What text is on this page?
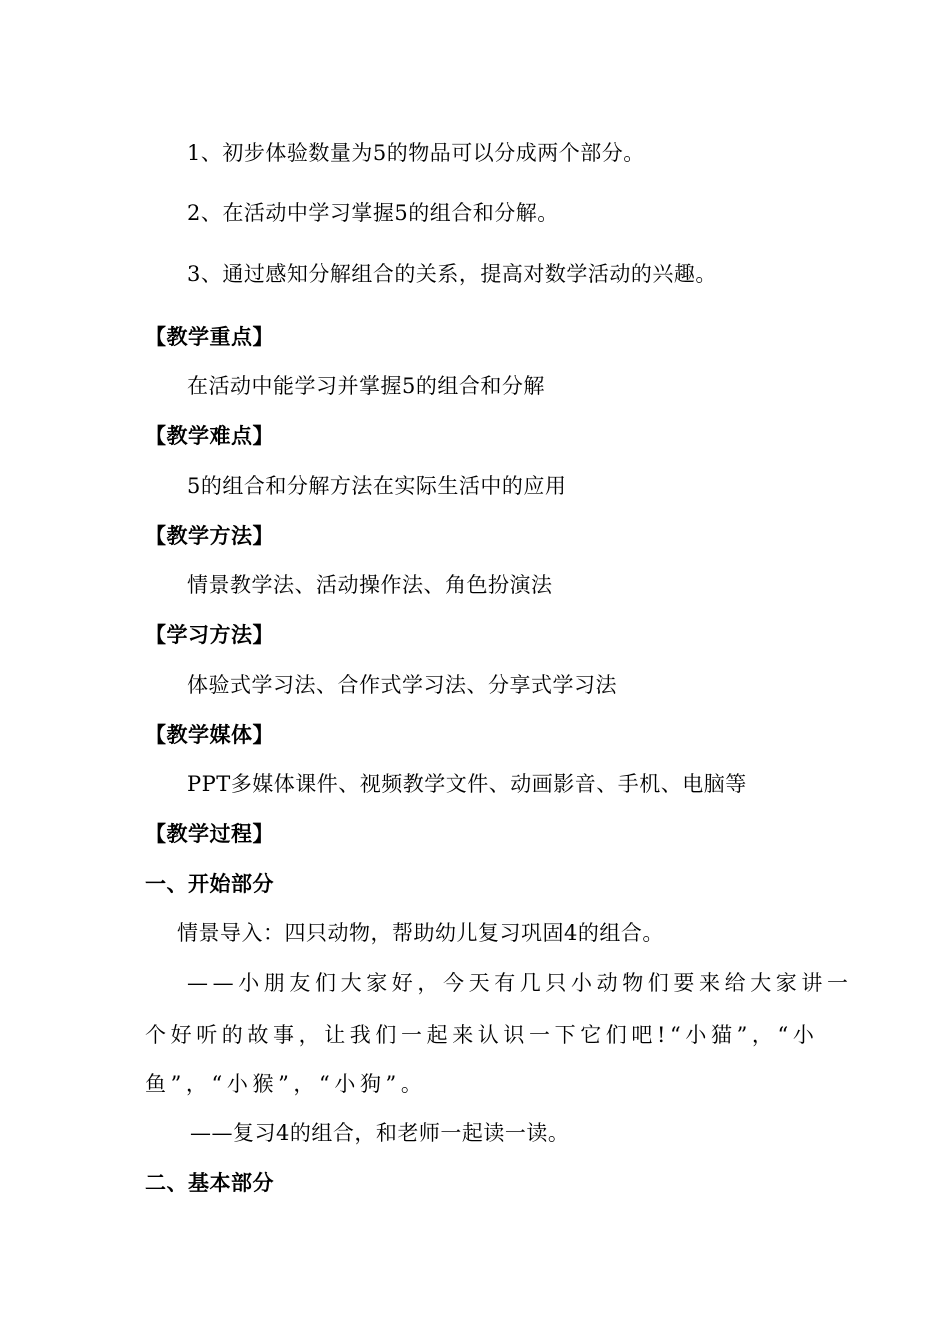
1、初步体验数量为5的物品可以分成两个部分。
2、在活动中学习掌握5的组合和分解。
3、通过感知分解组合的关系，提高对数学活动的兴趣。
【教学重点】
在活动中能学习并掌握5的组合和分解
【教学难点】
5的组合和分解方法在实际生活中的应用
【教学方法】
情景教学法、活动操作法、角色扮演法
【学习方法】
体验式学习法、合作式学习法、分享式学习法
【教学媒体】
PPT多媒体课件、视频教学文件、动画影音、手机、电脑等
【教学过程】
一、开始部分
情景导入：四只动物，帮助幼儿复习巩固4的组合。
——小朋友们大家好，今天有几只小动物们要来给大家讲一
个好听的故事，让我们一起来认识一下它们吧!“小猫”，“小
鱼”，“小猴”，“小狗”。
——复习4的组合，和老师一起读一读。
二、基本部分
